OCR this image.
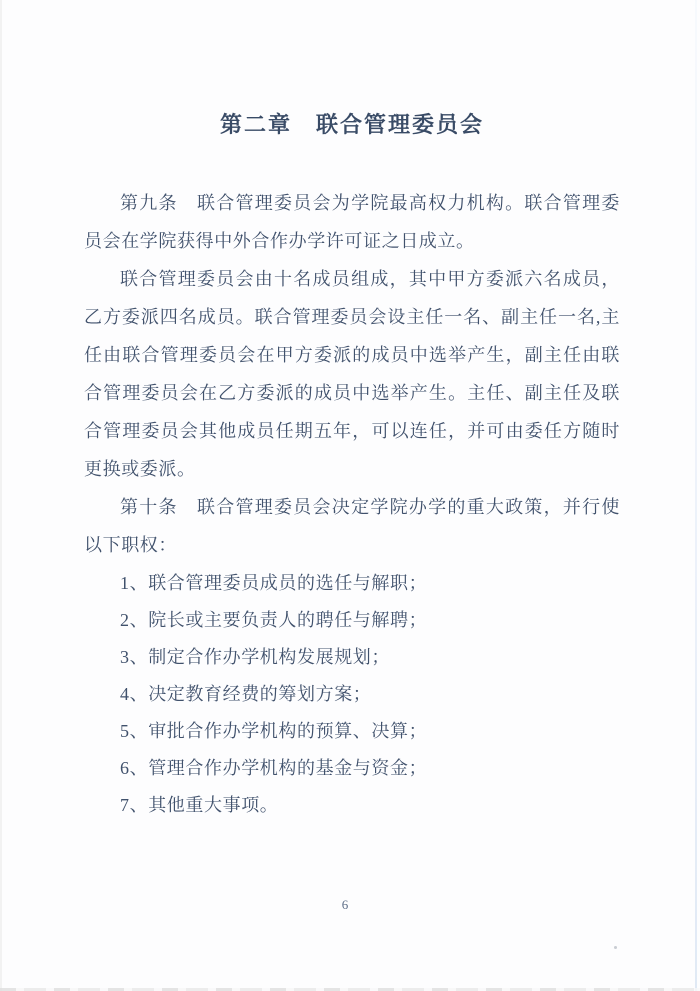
第二章　联合管理委员会

第九条　联合管理委员会为学院最高权力机构。联合管理委员会在学院获得中外合作办学许可证之日成立。

联合管理委员会由十名成员组成，其中甲方委派六名成员，乙方委派四名成员。联合管理委员会设主任一名、副主任一名,主任由联合管理委员会在甲方委派的成员中选举产生，副主任由联合管理委员会在乙方委派的成员中选举产生。主任、副主任及联合管理委员会其他成员任期五年，可以连任，并可由委任方随时更换或委派。

第十条　联合管理委员会决定学院办学的重大政策，并行使以下职权：

1、联合管理委员成员的选任与解职；

2、院长或主要负责人的聘任与解聘；

3、制定合作办学机构发展规划；

4、决定教育经费的筹划方案；

5、审批合作办学机构的预算、决算；

6、管理合作办学机构的基金与资金；

7、其他重大事项。

6
